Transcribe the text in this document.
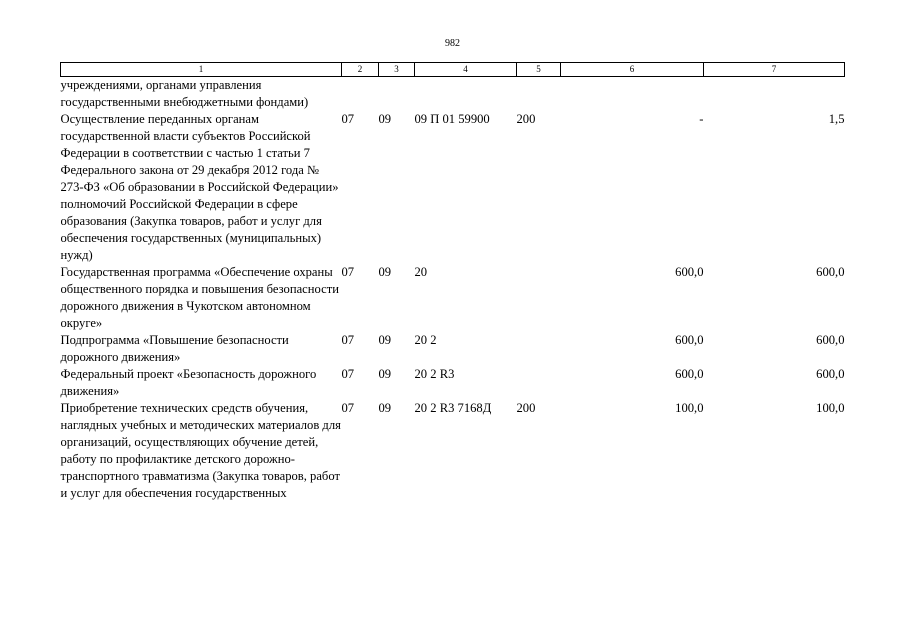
982
1	2	3	4	5	6	7
учреждениями, органами управления государственными внебюджетными фондами)						
Осуществление переданных органам государственной власти субъектов Российской Федерации в соответствии с частью 1 статьи 7 Федерального закона от 29 декабря 2012 года № 273-ФЗ «Об образовании в Российской Федерации» полномочий Российской Федерации в сфере образования (Закупка товаров, работ и услуг для обеспечения государственных (муниципальных) нужд)	07	09	09 П 01 59900	200	-	1,5
Государственная программа «Обеспечение охраны общественного порядка и повышения безопасности дорожного движения в Чукотском автономном округе»	07	09	20		600,0	600,0
Подпрограмма «Повышение безопасности дорожного движения»	07	09	20 2		600,0	600,0
Федеральный проект «Безопасность дорожного движения»	07	09	20 2 R3		600,0	600,0
Приобретение технических средств обучения, наглядных учебных и методических материалов для организаций, осуществляющих обучение детей, работу по профилактике детского дорожно-транспортного травматизма (Закупка товаров, работ и услуг для обеспечения государственных	07	09	20 2 R3 7168Д	200	100,0	100,0
